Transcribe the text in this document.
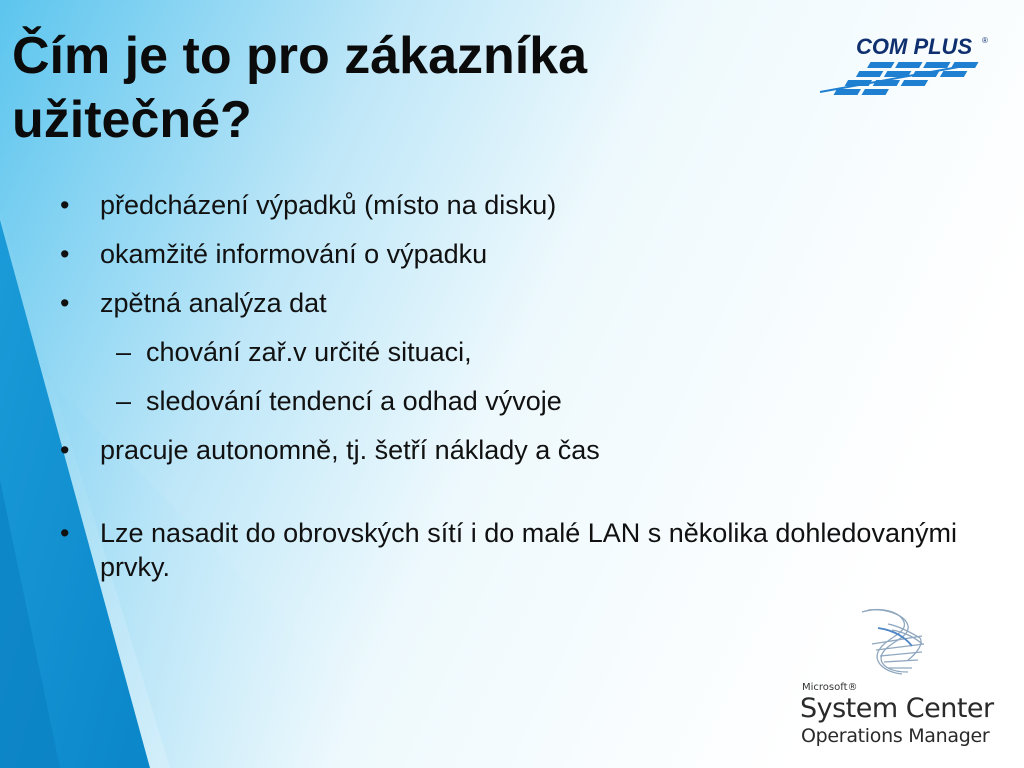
Čím je to pro zákazníka užitečné?
• předcházení výpadků (místo na disku)
• okamžité informování o výpadku
• zpětná analýza dat
– chování zař.v určité situaci,
– sledování tendencí a odhad vývoje
• pracuje autonomně, tj. šetří náklady a čas
• Lze nasadit do obrovských sítí i do malé LAN s několika dohledovanými prvky.
COM PLUS ®
Microsoft®
System Center
Operations Manager
